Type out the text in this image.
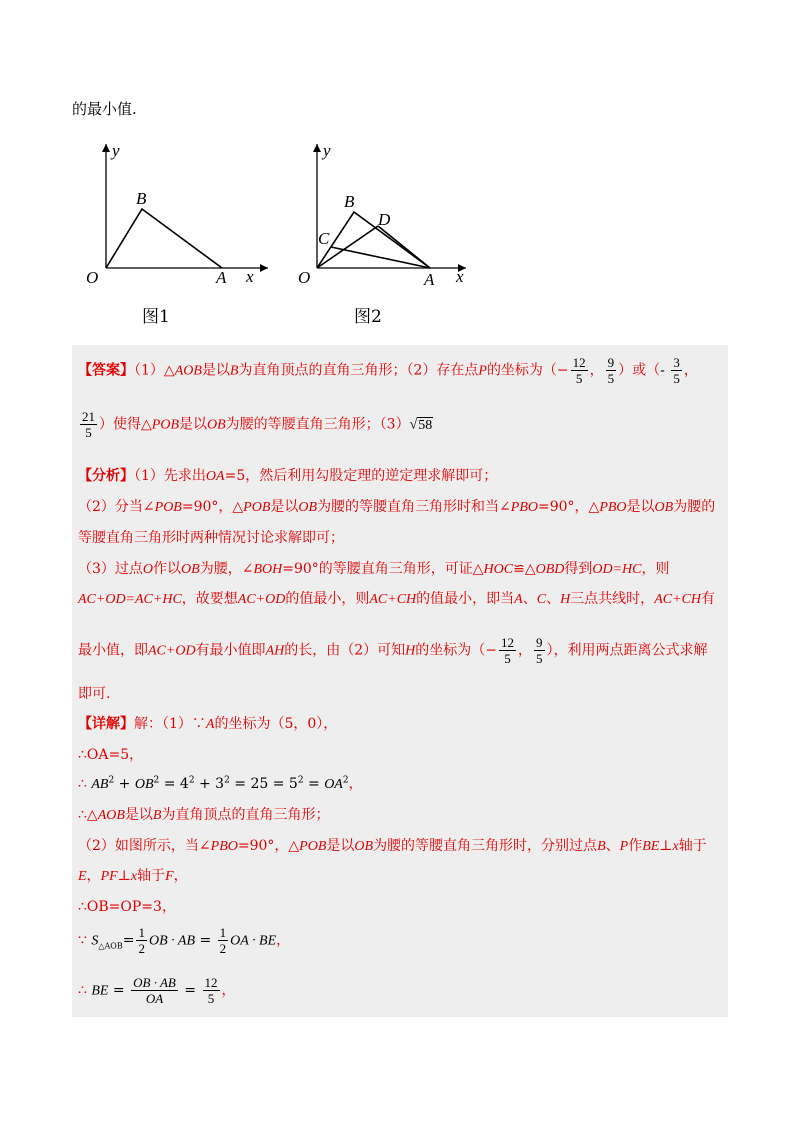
的最小值.
y
x
O	A
B
图1
y
x
O	A
B
C
D
图2
【答案】（1）△AOB是以B为直角顶点的直角三角形；（2）存在点P的坐标为（− $\frac{12}{5}$ ， $\frac{9}{5}$ ）或（- $\frac{3}{5}$ ，
$\frac{21}{5}$ ）使得△POB是以OB为腰的等腰直角三角形；（3）√58
【分析】（1）先求出OA=5，然后利用勾股定理的逆定理求解即可；
（2）分当∠POB=90°，△POB是以OB为腰的等腰直角三角形时和当∠PBO=90°，△PBO是以OB为腰的
等腰直角三角形时两种情况讨论求解即可；
（3）过点O作以OB为腰，∠BOH=90°的等腰直角三角形，可证△HOC≌△OBD得到OD=HC，则
AC+OD=AC+HC，故要想AC+OD的值最小，则AC+CH的值最小，即当A、C、H三点共线时，AC+CH有
最小值，即AC+OD有最小值即AH的长，由（2）可知H的坐标为（− $\frac{12}{5}$ ， $\frac{9}{5}$ ），利用两点距离公式求解
即可.
【详解】解：（1）∵A的坐标为（5，0），
∴OA=5，
∴ $AB^2 + OB^2 = 4^2 + 3^2 = 25 = 5^2 = OA^2$，
∴△AOB是以B为直角顶点的直角三角形；
（2）如图所示，当∠PBO=90°，△POB是以OB为腰的等腰直角三角形时，分别过点B、P作BE⊥x轴于
E，PF⊥x轴于F，
∴OB=OP=3，
∵ $S_{\triangle AOB}= \frac{1}{2}$ OB · AB = $\frac{1}{2}$ OA · BE，
∴ BE = $\frac{OB \cdot AB}{OA} = \frac{12}{5}$ ，
